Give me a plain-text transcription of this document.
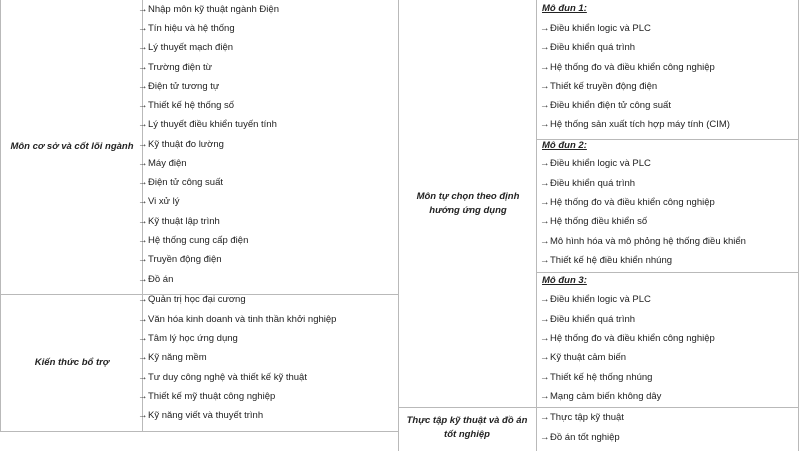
Môn cơ sở và cốt lõi ngành
→Nhập môn kỹ thuật ngành Điện
→Tín hiệu và hệ thống
→Lý thuyết mạch điện
→Trường điện từ
→Điện tử tương tự
→Thiết kế hệ thống số
→Lý thuyết điều khiển tuyến tính
→Kỹ thuật đo lường
→Máy điện
→Điện tử công suất
→Vi xử lý
→Kỹ thuật lập trình
→Hệ thống cung cấp điện
→Truyền động điện
→Đồ án
Kiến thức bổ trợ
→Quản trị học đại cương
→Văn hóa kinh doanh và tinh thần khởi nghiệp
→Tâm lý học ứng dụng
→Kỹ năng mềm
→Tư duy công nghệ và thiết kế kỹ thuật
→Thiết kế mỹ thuật công nghiệp
→Kỹ năng viết và thuyết trình
Môn tự chọn theo định hướng ứng dụng
Mô đun 1:
→Điều khiển logic và PLC
→Điều khiển quá trình
→Hệ thống đo và điều khiển công nghiệp
→Thiết kế truyền động điện
→Điều khiển điện tử công suất
→Hệ thống sản xuất tích hợp máy tính (CIM)
Mô đun 2:
→Điều khiển logic và PLC
→Điều khiển quá trình
→Hệ thống đo và điều khiển công nghiệp
→Hệ thống điều khiển số
→Mô hình hóa và mô phỏng hệ thống điều khiển
→Thiết kế hệ điều khiển nhúng
Mô đun 3:
→Điều khiển logic và PLC
→Điều khiển quá trình
→Hệ thống đo và điều khiển công nghiệp
→Kỹ thuật cảm biến
→Thiết kế hệ thống nhúng
→Mạng cảm biến không dây
Thực tập kỹ thuật và đồ án tốt nghiệp
→Thực tập kỹ thuật
→Đồ án tốt nghiệp
